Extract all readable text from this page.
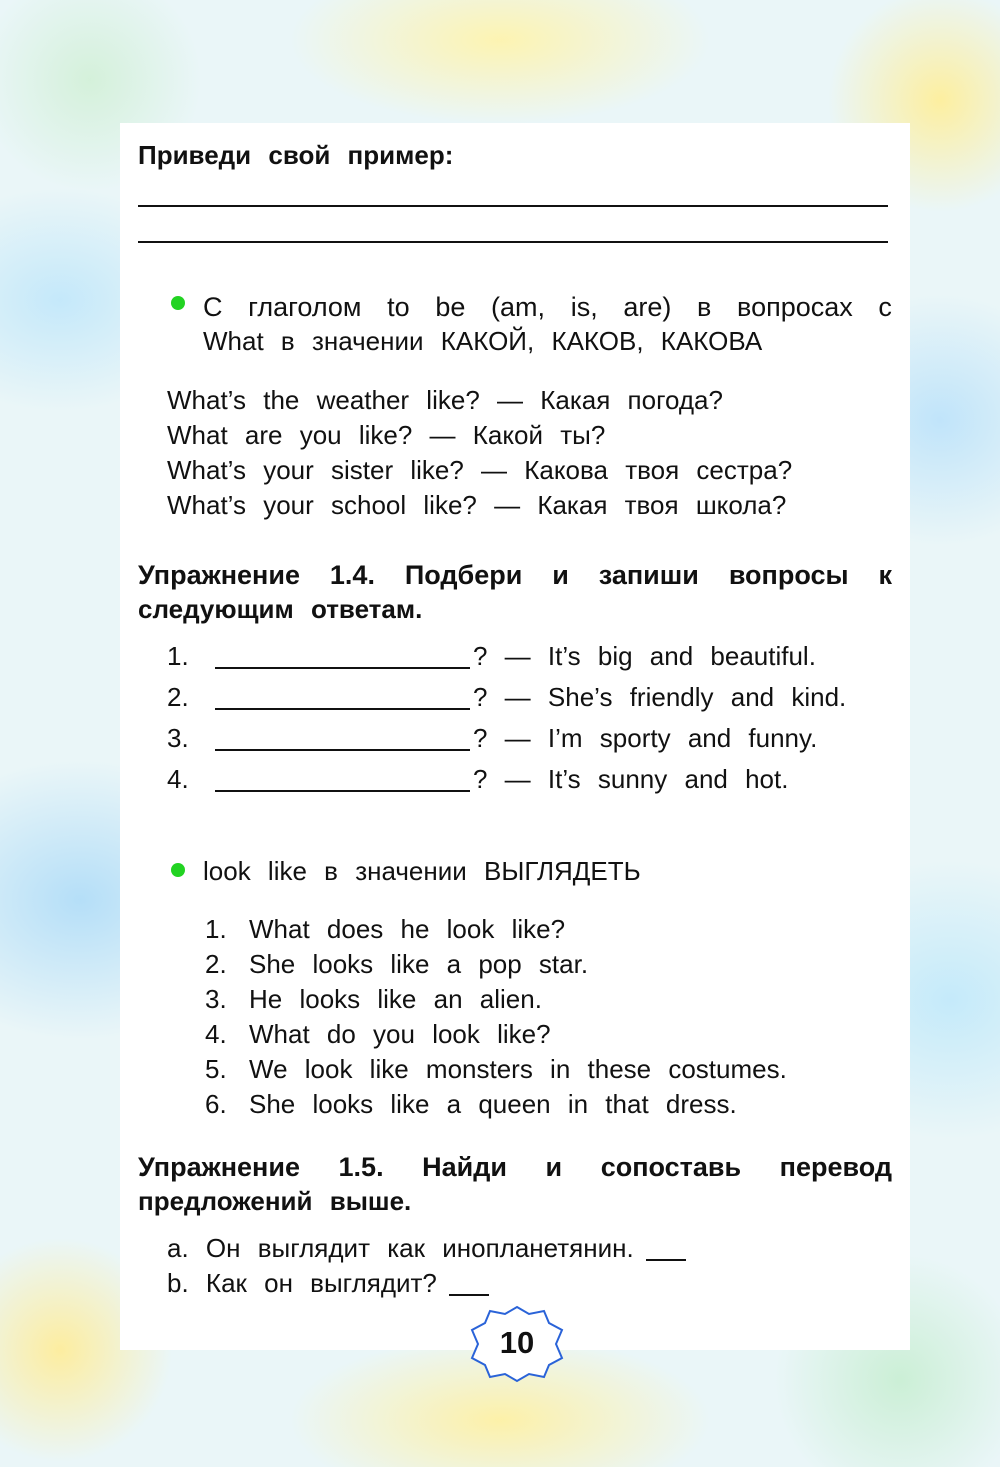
Приведи свой пример:
С глаголом to be (am, is, are) в вопросах с
What в значении КАКОЙ, КАКОВ, КАКОВА
What’s the weather like? — Какая погода?
What are you like? — Какой ты?
What’s your sister like? — Какова твоя сестра?
What’s your school like? — Какая твоя школа?
Упражнение 1.4. Подбери и запиши вопросы к
следующим ответам.
1.	? — It’s big and beautiful.
2.	? — She’s friendly and kind.
3.	? — I’m sporty and funny.
4.	? — It’s sunny and hot.
look like в значении ВЫГЛЯДЕТЬ
1. What does he look like?
2. She looks like a pop star.
3. He looks like an alien.
4. What do you look like?
5. We look like monsters in these costumes.
6. She looks like a queen in that dress.
Упражнение 1.5. Найди и сопоставь перевод
предложений выше.
a. Он выглядит как инопланетянин.
b. Как он выглядит?
10
